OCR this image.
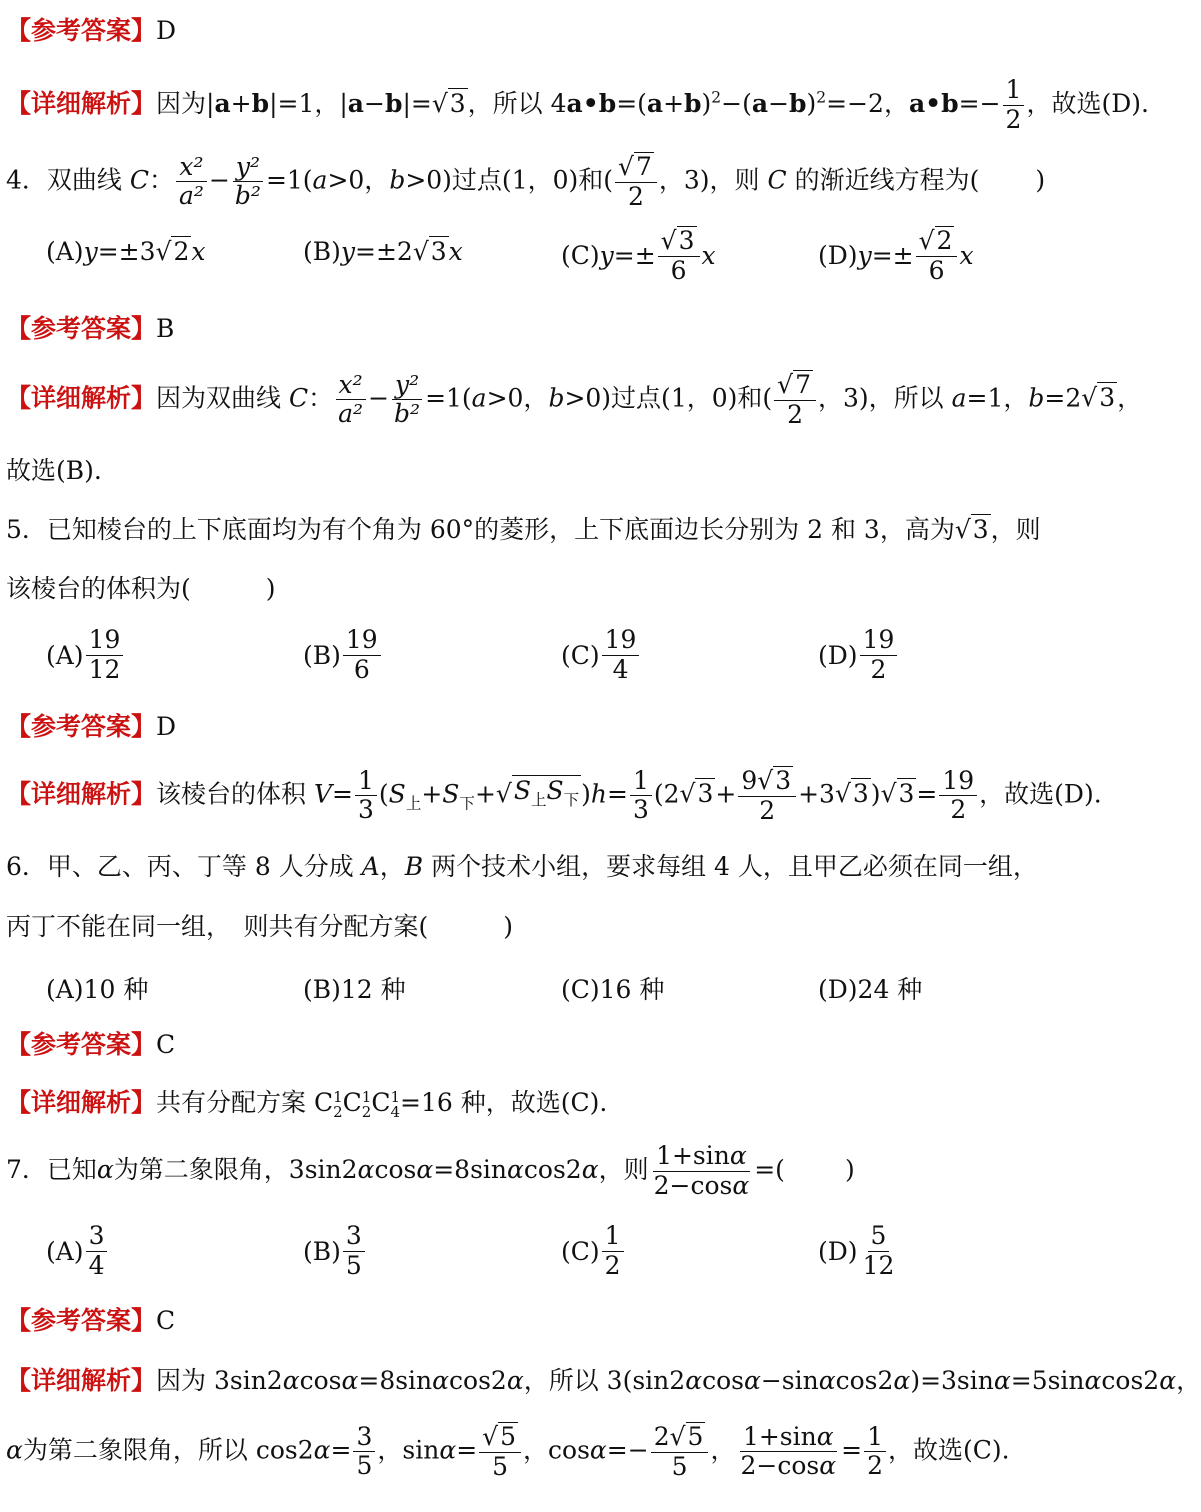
【参考答案】D
【详细解析】因为|a+b|=1，|a−b|=√ 3 ，所以 $4a•b=(a+b)^2-(a-b)^2=-2$，a•b=− $\frac{1}{2}$ ，故选(D).
4．双曲线 C： $\frac{\text{x²}}{\text{a²}} - \frac{\text{y²}}{\text{b²}} =1(a>0$，b>0)过点(1，0)和( $\frac{√ 7}{2}$ ，3)，则 C 的渐近线方程为( )
(A) y =±3 √ 2 x	(B) y =±2 √ 3 x	(C) $y =\pm \frac{√ 3}{6}$ x	(D) $y =\pm \frac{√ 2}{6}$ x
【参考答案】B
【详细解析】因为双曲线 C： $\frac{\text{x²}}{\text{a²}} - \frac{\text{y²}}{\text{b²}} =1(a>0$，b>0)过点(1，0)和( $\frac{√ 7}{2}$ ，3)，所以 a=1，b=2√ 3 ，
故选(B).
5．已知棱台的上下底面均为有个角为 60°的菱形，上下底面边长分别为 2 和 3，高为√ 3 ，则
该棱台的体积为(　　　)
$(A) \frac{19}{12}$	$(B) \frac{19}{6}$	$(C) \frac{19}{4}$	$(D) \frac{19}{2}$
【参考答案】D
【详细解析】该棱台的体积 $V= \frac{1}{3} (S_上+S_下+√$ $S_上S_下$ )$h= \frac{1}{3} (2√$ $3 + \frac{9√ 3}{2} +3√$ 3 )√ $3 = \frac{19}{2}$ ，故选(D).
6．甲、乙、丙、丁等 8 人分成 A，B 两个技术小组，要求每组 4 人，且甲乙必须在同一组，
丙丁不能在同一组，　则共有分配方案(　　　)
(A)10 种	(B)12 种	(C)16 种	(D)24 种
【参考答案】C
【详细解析】共有分配方案 C 1
2 C 1
2 C 1
4 =16 种，故选(C).
7．已知α为第二象限角，3sin2αcosα=8sinαcos2α，则 $\frac{1+\sin\alpha}{2-\cos\alpha}$ =( )
$(A) \frac{3}{4}$	$(B) \frac{3}{5}$	$(C) \frac{1}{2}$	$(D) \frac{5}{12}$
【参考答案】C
【详细解析】因为 3sin2αcosα=8sinαcos2α，所以 3(sin2αcosα−sinαcos2α)=3sinα=5sinαcos2α，
α为第二象限角，所以 $\cos 2\alpha= \frac{3}{5}$ ，$\sin\alpha= \frac{√ 5}{5}$ ，$\cos\alpha=- \frac{2√ 5}{5}$ ， $\frac{1+\sin\alpha}{2-\cos\alpha} = \frac{1}{2}$ ，故选(C).
